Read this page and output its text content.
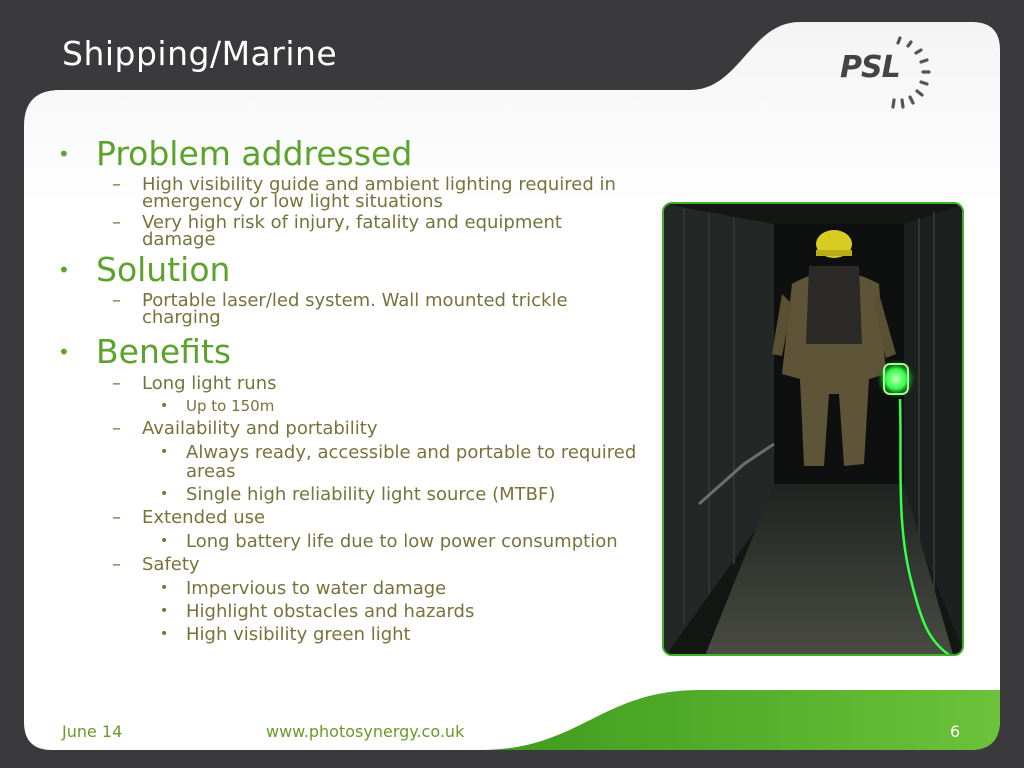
Shipping/Marine	PSL
• Problem addressed
– High visibility guide and ambient lighting required in emergency or low light situations
– Very high risk of injury, fatality and equipment damage
• Solution
– Portable laser/led system. Wall mounted trickle charging
• Benefits
– Long light runs
• Up to 150m
– Availability and portability
• Always ready, accessible and portable to required areas
• Single high reliability light source (MTBF)
– Extended use
• Long battery life due to low power consumption
– Safety
• Impervious to water damage
• Highlight obstacles and hazards
• High visibility green light
June 14	www.photosynergy.co.uk	6
